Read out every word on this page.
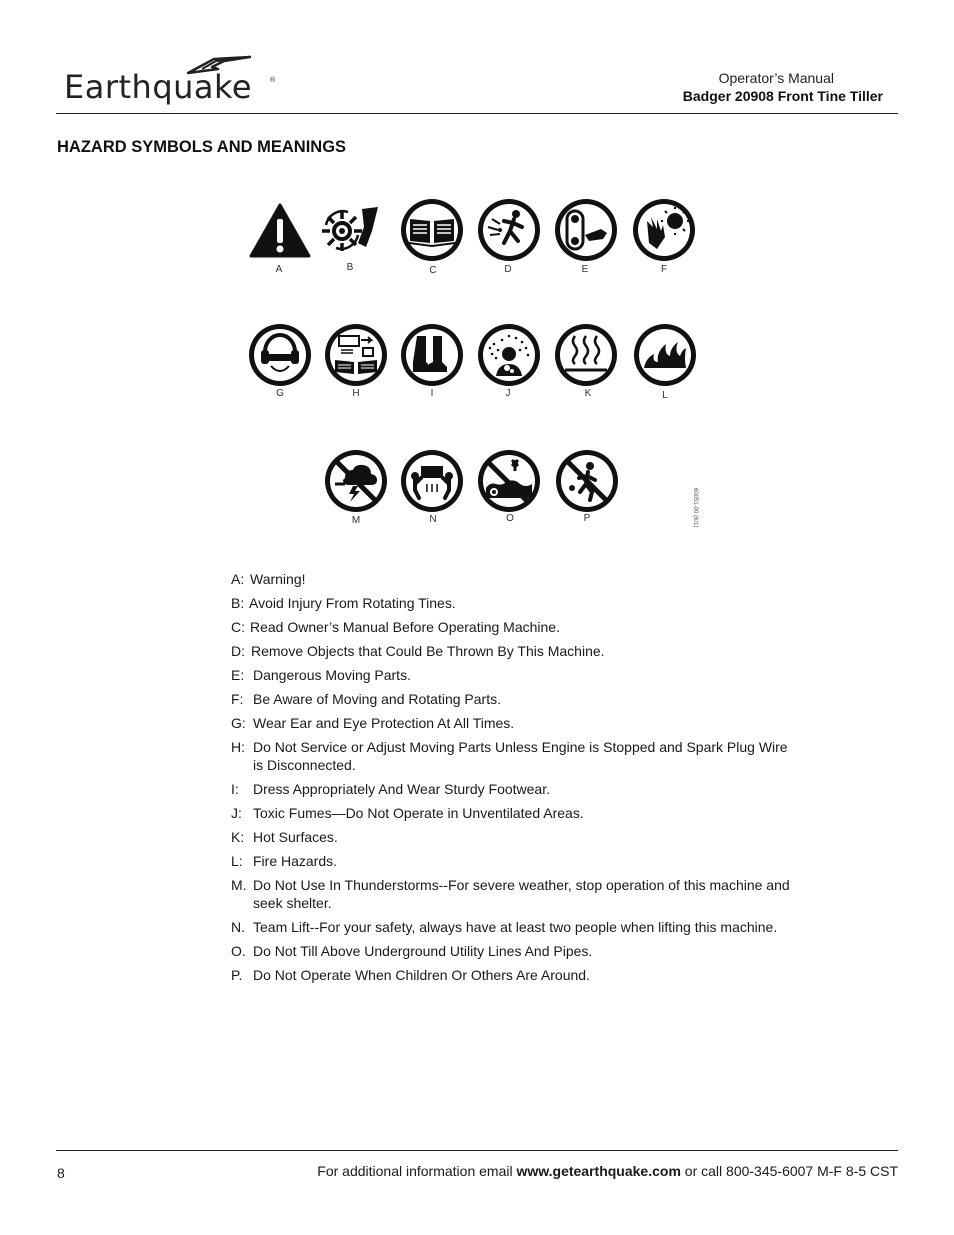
Earthquake	®	Operator’s Manual
Badger 20908 Front Tine Tiller
HAZARD SYMBOLS AND MEANINGS
A	B	C	D	E	F
G	H	I	J	K	L
M	N	O	P	60051-00 (6/1)
A: Warning!
B: Avoid Injury From Rotating Tines.
C: Read Owner’s Manual Before Operating Machine.
D: Remove Objects that Could Be Thrown By This Machine.
E: Dangerous Moving Parts.
F: Be Aware of Moving and Rotating Parts.
G: Wear Ear and Eye Protection At All Times.
H: Do Not Service or Adjust Moving Parts Unless Engine is Stopped and Spark Plug Wire is Disconnected.
I: Dress Appropriately And Wear Sturdy Footwear.
J: Toxic Fumes—Do Not Operate in Unventilated Areas.
K: Hot Surfaces.
L: Fire Hazards.
M. Do Not Use In Thunderstorms--For severe weather, stop operation of this machine and seek shelter.
N. Team Lift--For your safety, always have at least two people when lifting this machine.
O. Do Not Till Above Underground Utility Lines And Pipes.
P. Do Not Operate When Children Or Others Are Around.
8	For additional information email www.getearthquake.com or call 800-345-6007 M-F 8-5 CST
